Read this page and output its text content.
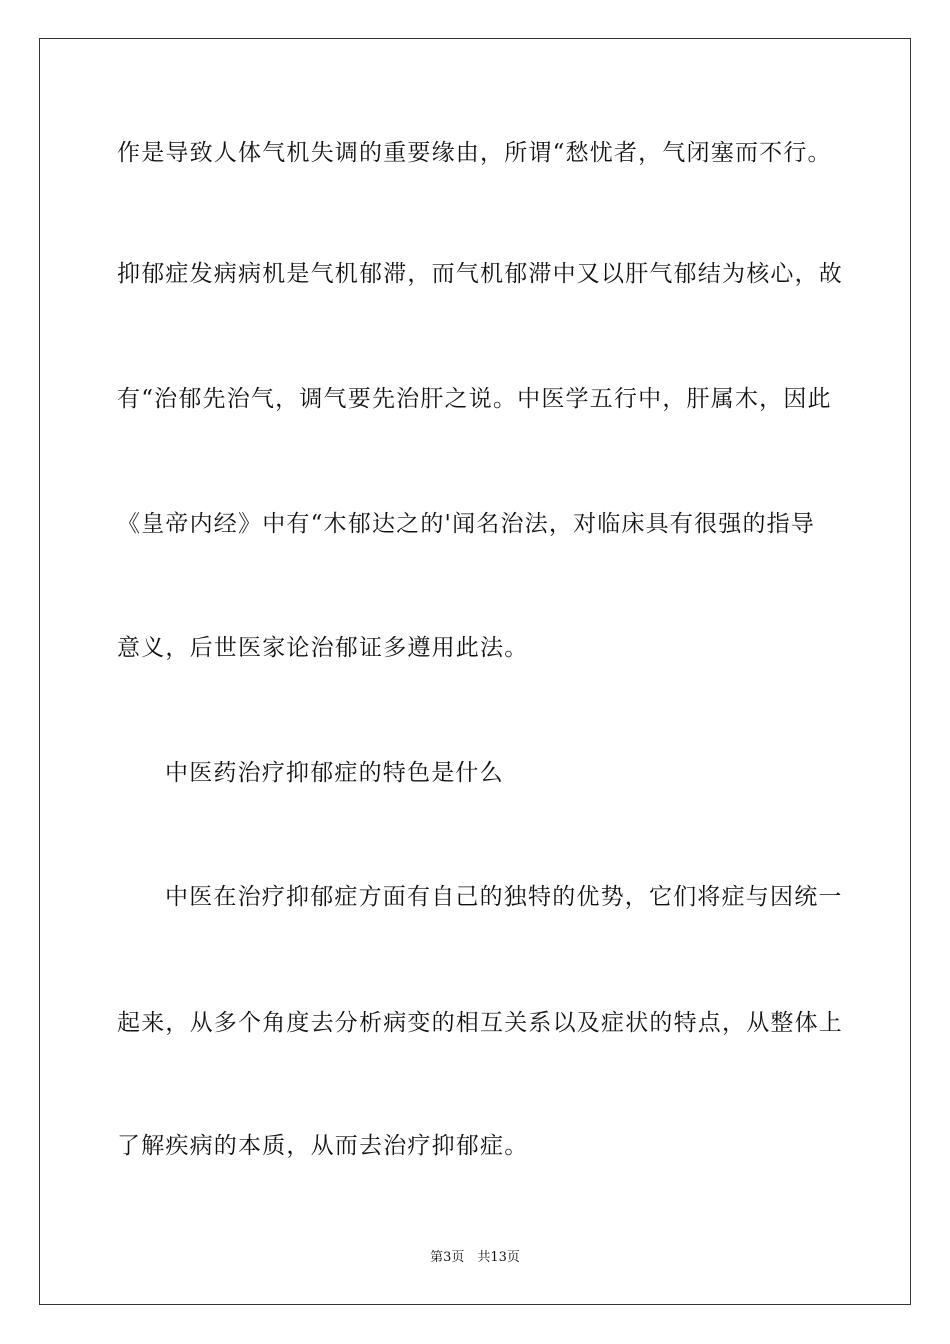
作是导致人体气机失调的重要缘由，所谓“愁忧者，气闭塞而不行。
抑郁症发病病机是气机郁滞，而气机郁滞中又以肝气郁结为核心，故
有“治郁先治气，调气要先治肝之说。中医学五行中，肝属木，因此
《皇帝内经》中有“木郁达之的'闻名治法，对临床具有很强的指导
意义，后世医家论治郁证多遵用此法。
中医药治疗抑郁症的特色是什么
中医在治疗抑郁症方面有自己的独特的优势，它们将症与因统一
起来，从多个角度去分析病变的相互关系以及症状的特点，从整体上
了解疾病的本质，从而去治疗抑郁症。
第3页　共13页
